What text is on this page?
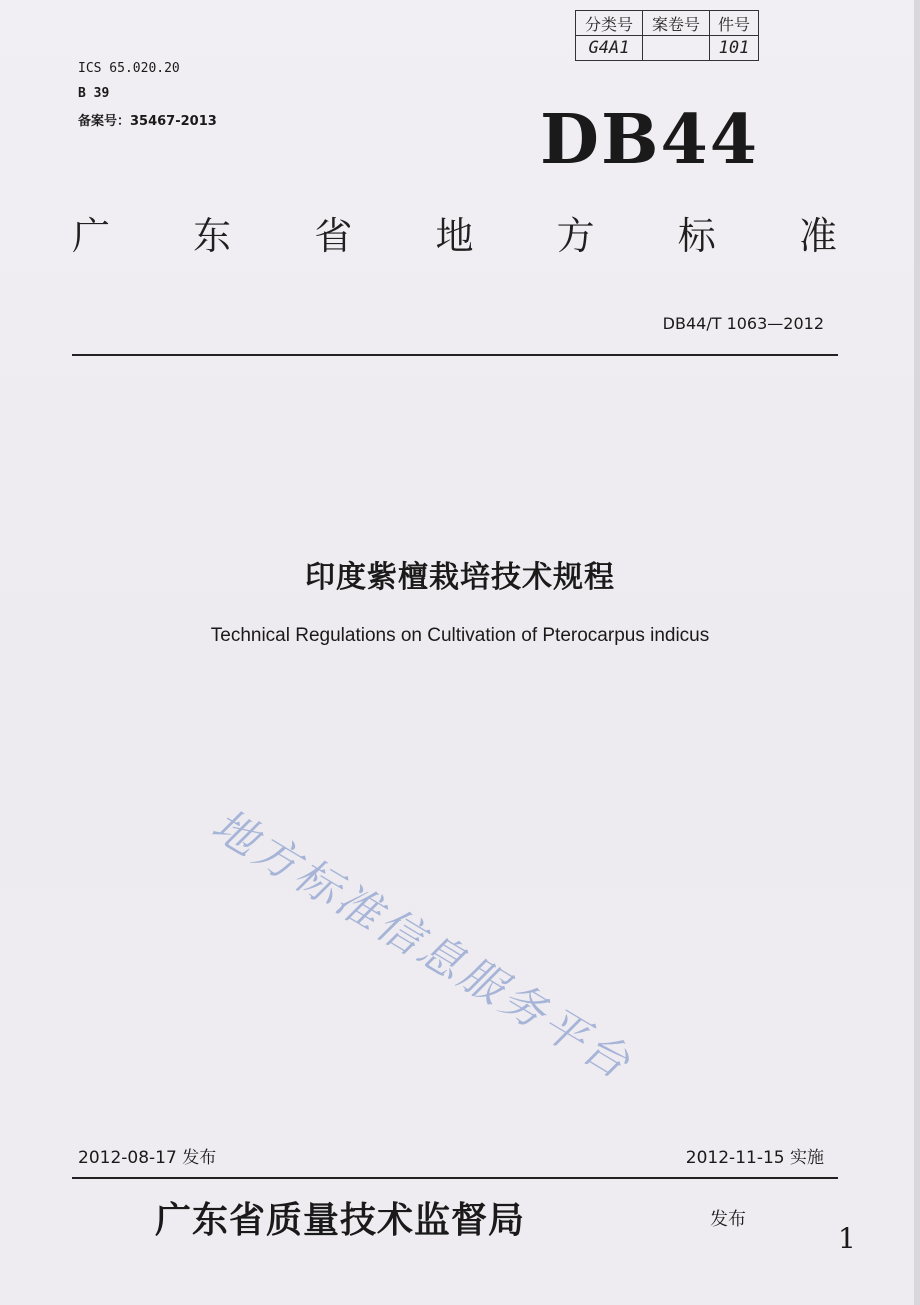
ICS 65.020.20
B 39
备案号：35467-2013
分类号	案卷号	件号
G4A1		101
DB44
广 东 省 地 方 标 准
DB44/T 1063—2012
印度紫檀栽培技术规程
Technical Regulations on Cultivation of Pterocarpus indicus
地方标准信息服务平台
2012-08-17 发布	2012-11-15 实施
广东省质量技术监督局	发布
1
